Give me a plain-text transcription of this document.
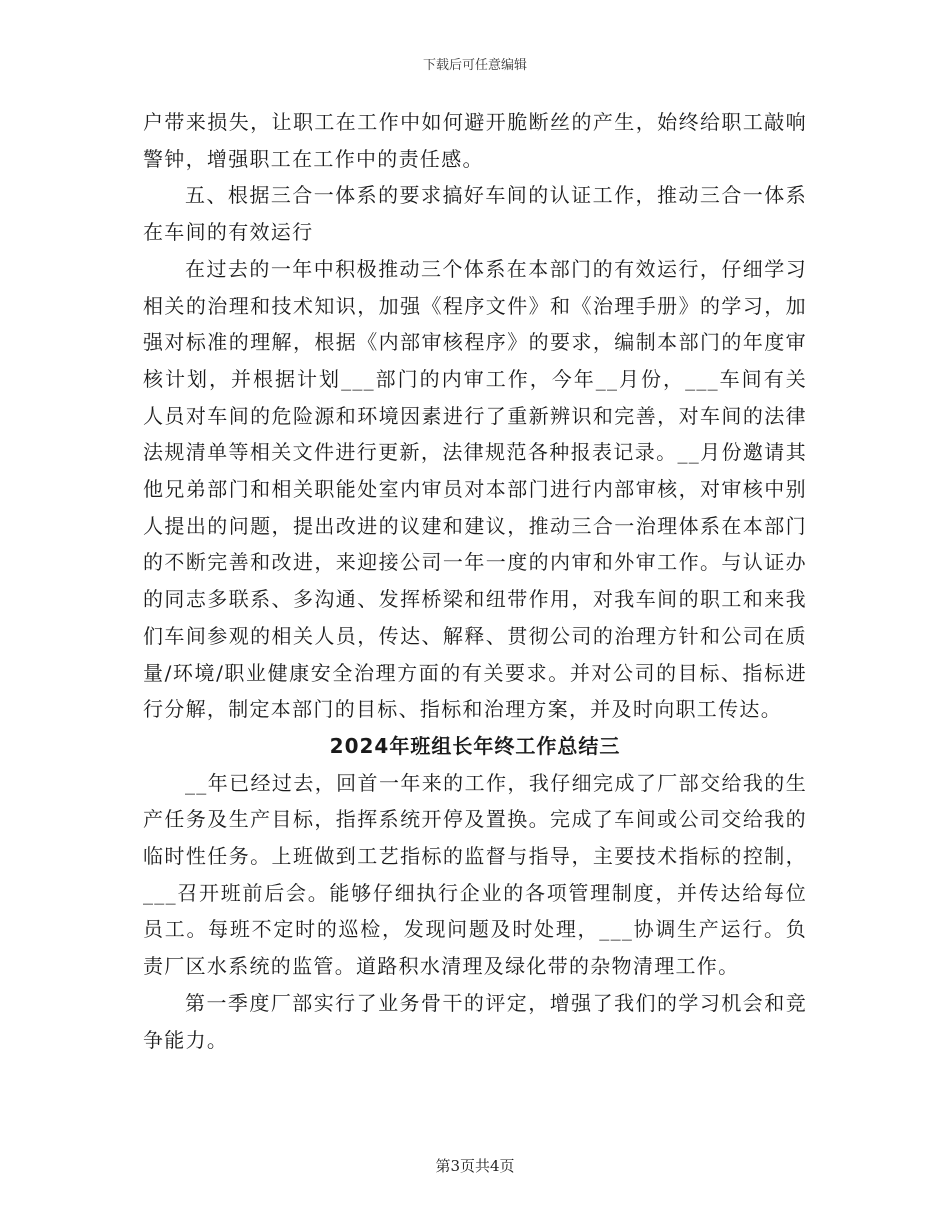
下载后可任意编辑

户带来损失，让职工在工作中如何避开脆断丝的产生，始终给职工敲响警钟，增强职工在工作中的责任感。

五、根据三合一体系的要求搞好车间的认证工作，推动三合一体系在车间的有效运行

在过去的一年中积极推动三个体系在本部门的有效运行，仔细学习相关的治理和技术知识，加强《程序文件》和《治理手册》的学习，加强对标准的理解，根据《内部审核程序》的要求，编制本部门的年度审核计划，并根据计划___部门的内审工作，今年__月份，___车间有关人员对车间的危险源和环境因素进行了重新辨识和完善，对车间的法律法规清单等相关文件进行更新，法律规范各种报表记录。__月份邀请其他兄弟部门和相关职能处室内审员对本部门进行内部审核，对审核中别人提出的问题，提出改进的议建和建议，推动三合一治理体系在本部门的不断完善和改进，来迎接公司一年一度的内审和外审工作。与认证办的同志多联系、多沟通、发挥桥梁和纽带作用，对我车间的职工和来我们车间参观的相关人员，传达、解释、贯彻公司的治理方针和公司在质量/环境/职业健康安全治理方面的有关要求。并对公司的目标、指标进行分解，制定本部门的目标、指标和治理方案，并及时向职工传达。

2024年班组长年终工作总结三

__年已经过去，回首一年来的工作，我仔细完成了厂部交给我的生产任务及生产目标，指挥系统开停及置换。完成了车间或公司交给我的临时性任务。上班做到工艺指标的监督与指导，主要技术指标的控制，___召开班前后会。能够仔细执行企业的各项管理制度，并传达给每位员工。每班不定时的巡检，发现问题及时处理，___协调生产运行。负责厂区水系统的监管。道路积水清理及绿化带的杂物清理工作。

第一季度厂部实行了业务骨干的评定，增强了我们的学习机会和竞争能力。

第3页共4页
